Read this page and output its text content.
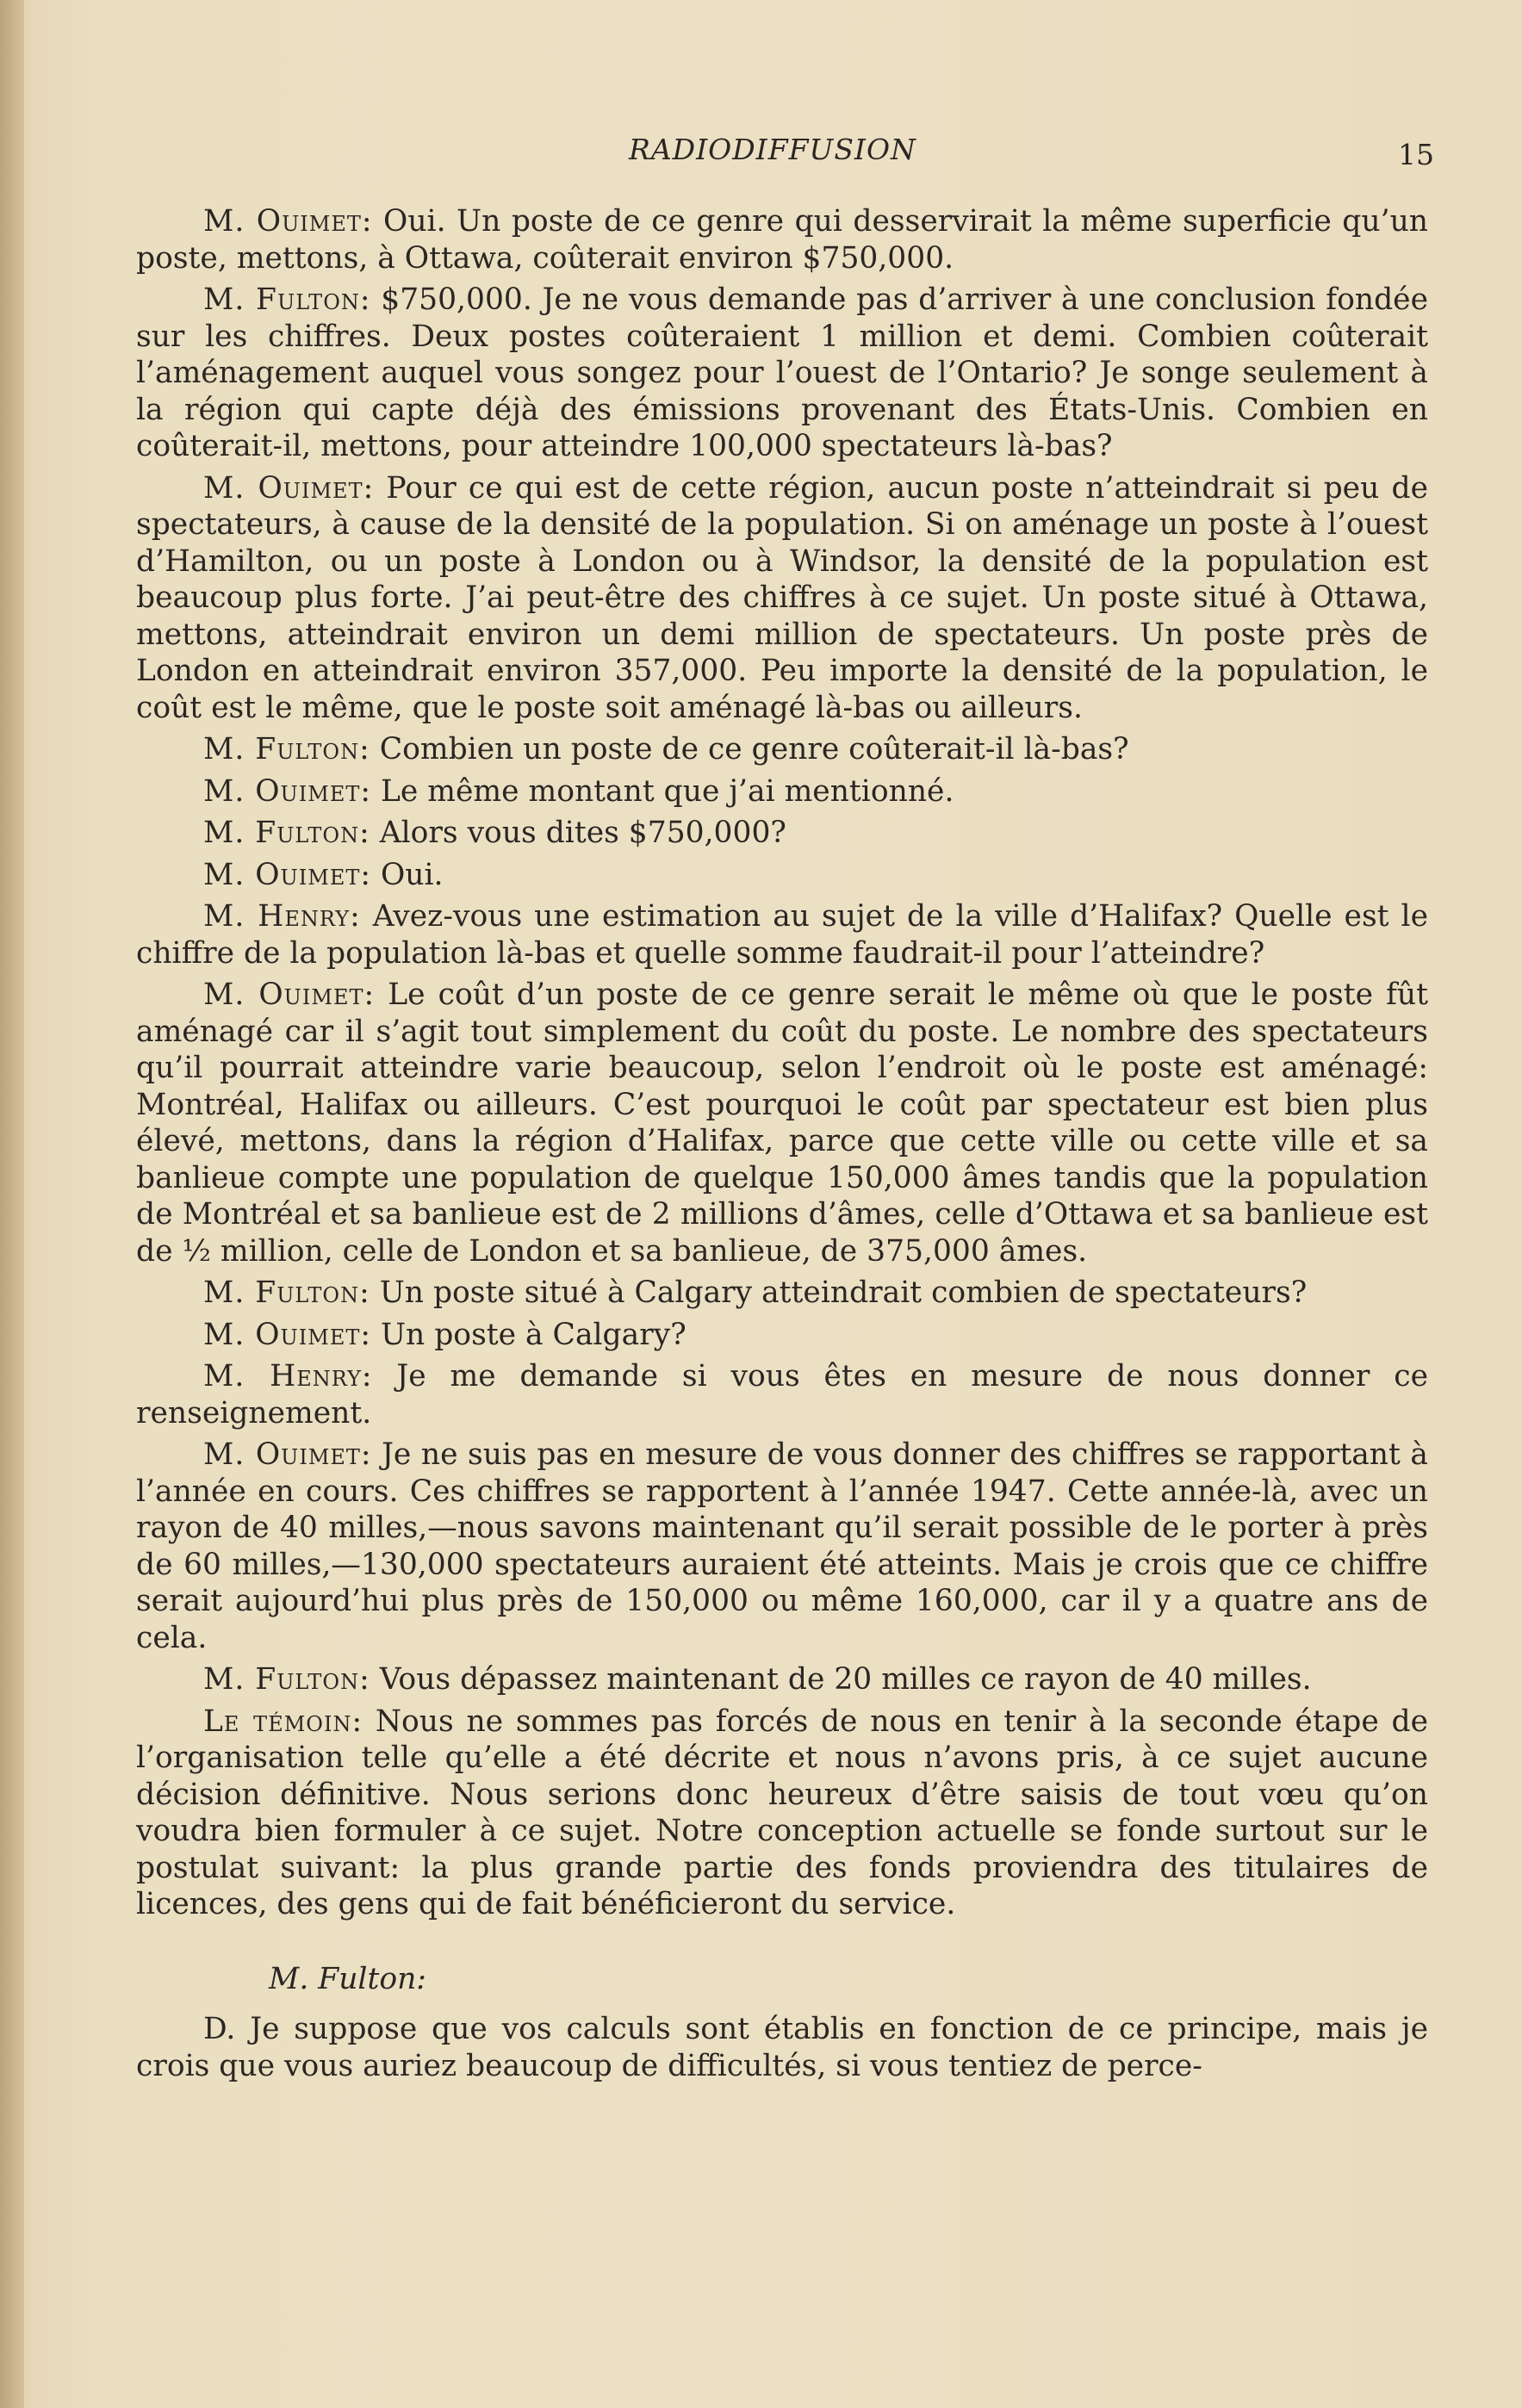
RADIODIFFUSION	15

M. Ouimet: Oui. Un poste de ce genre qui desservirait la même superficie qu’un poste, mettons, à Ottawa, coûterait environ $750,000.

M. Fulton: $750,000. Je ne vous demande pas d’arriver à une conclusion fondée sur les chiffres. Deux postes coûteraient 1 million et demi. Combien coûterait l’aménagement auquel vous songez pour l’ouest de l’Ontario? Je songe seulement à la région qui capte déjà des émissions provenant des États-Unis. Combien en coûterait-il, mettons, pour atteindre 100,000 spectateurs là-bas?

M. Ouimet: Pour ce qui est de cette région, aucun poste n’atteindrait si peu de spectateurs, à cause de la densité de la population. Si on aménage un poste à l’ouest d’Hamilton, ou un poste à London ou à Windsor, la densité de la population est beaucoup plus forte. J’ai peut-être des chiffres à ce sujet. Un poste situé à Ottawa, mettons, atteindrait environ un demi million de spectateurs. Un poste près de London en atteindrait environ 357,000. Peu importe la densité de la population, le coût est le même, que le poste soit aménagé là-bas ou ailleurs.

M. Fulton: Combien un poste de ce genre coûterait-il là-bas?

M. Ouimet: Le même montant que j’ai mentionné.

M. Fulton: Alors vous dites $750,000?

M. Ouimet: Oui.

M. Henry: Avez-vous une estimation au sujet de la ville d’Halifax? Quelle est le chiffre de la population là-bas et quelle somme faudrait-il pour l’atteindre?

M. Ouimet: Le coût d’un poste de ce genre serait le même où que le poste fût aménagé car il s’agit tout simplement du coût du poste. Le nombre des spectateurs qu’il pourrait atteindre varie beaucoup, selon l’endroit où le poste est aménagé: Montréal, Halifax ou ailleurs. C’est pourquoi le coût par spectateur est bien plus élevé, mettons, dans la région d’Halifax, parce que cette ville ou cette ville et sa banlieue compte une population de quelque 150,000 âmes tandis que la population de Montréal et sa banlieue est de 2 millions d’âmes, celle d’Ottawa et sa banlieue est de ½ million, celle de London et sa banlieue, de 375,000 âmes.

M. Fulton: Un poste situé à Calgary atteindrait combien de spectateurs?

M. Ouimet: Un poste à Calgary?

M. Henry: Je me demande si vous êtes en mesure de nous donner ce renseignement.

M. Ouimet: Je ne suis pas en mesure de vous donner des chiffres se rapportant à l’année en cours. Ces chiffres se rapportent à l’année 1947. Cette année-là, avec un rayon de 40 milles,—nous savons maintenant qu’il serait possible de le porter à près de 60 milles,—130,000 spectateurs auraient été atteints. Mais je crois que ce chiffre serait aujourd’hui plus près de 150,000 ou même 160,000, car il y a quatre ans de cela.

M. Fulton: Vous dépassez maintenant de 20 milles ce rayon de 40 milles.

Le témoin: Nous ne sommes pas forcés de nous en tenir à la seconde étape de l’organisation telle qu’elle a été décrite et nous n’avons pris, à ce sujet aucune décision définitive. Nous serions donc heureux d’être saisis de tout vœu qu’on voudra bien formuler à ce sujet. Notre conception actuelle se fonde surtout sur le postulat suivant: la plus grande partie des fonds proviendra des titulaires de licences, des gens qui de fait bénéficieront du service.

M. Fulton:

D. Je suppose que vos calculs sont établis en fonction de ce principe, mais je crois que vous auriez beaucoup de difficultés, si vous tentiez de perce-
